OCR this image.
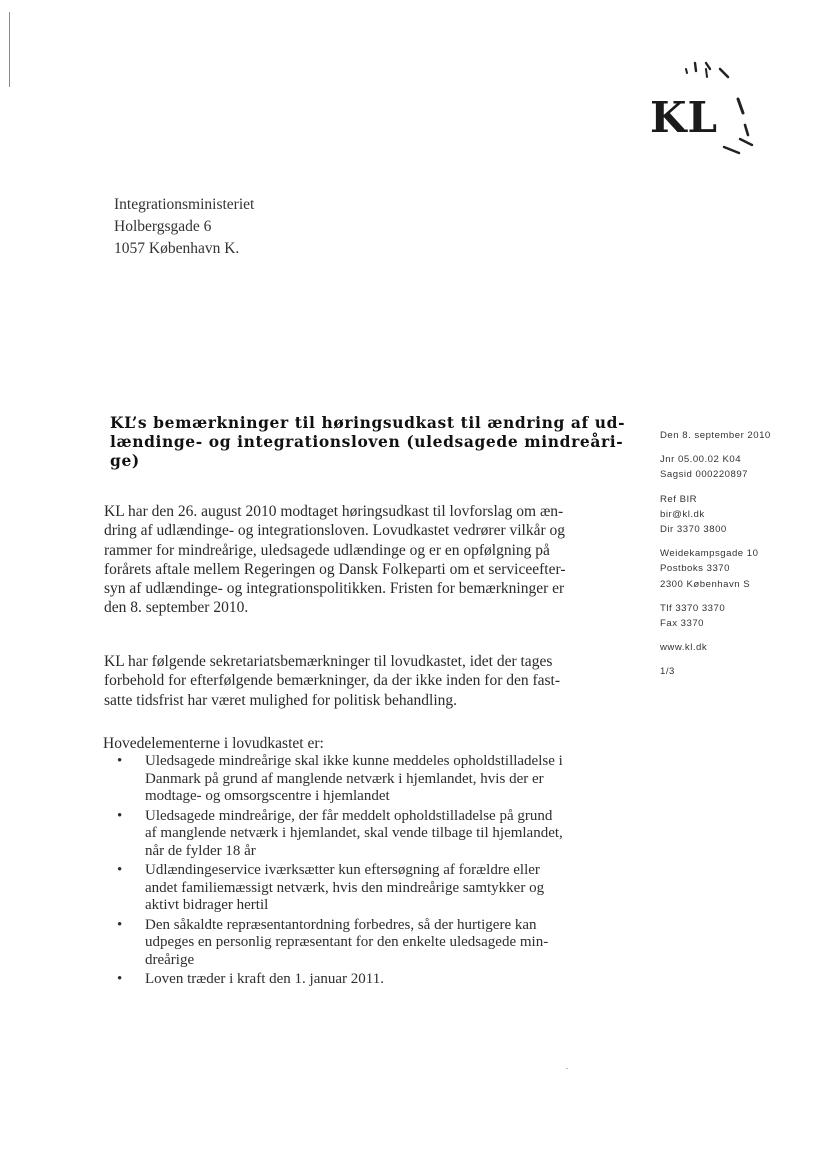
KL
Integrationsministeriet
Holbergsgade 6
1057 København K.
KL’s bemærkninger til høringsudkast til ændring af ud-
lændinge- og integrationsloven (uledsagede mindreåri-
ge)

KL har den 26. august 2010 modtaget høringsudkast til lovforslag om æn-
dring af udlændinge- og integrationsloven. Lovudkastet vedrører vilkår og
rammer for mindreårige, uledsagede udlændinge og er en opfølgning på
forårets aftale mellem Regeringen og Dansk Folkeparti om et serviceefter-
syn af udlændinge- og integrationspolitikken. Fristen for bemærkninger er
den 8. september 2010.

KL har følgende sekretariatsbemærkninger til lovudkastet, idet der tages
forbehold for efterfølgende bemærkninger, da der ikke inden for den fast-
satte tidsfrist har været mulighed for politisk behandling.

Hovedelementerne i lovudkastet er:
• Uledsagede mindreårige skal ikke kunne meddeles opholdstilladelse i
Danmark på grund af manglende netværk i hjemlandet, hvis der er
modtage- og omsorgscentre i hjemlandet
• Uledsagede mindreårige, der får meddelt opholdstilladelse på grund
af manglende netværk i hjemlandet, skal vende tilbage til hjemlandet,
når de fylder 18 år
• Udlændingeservice iværksætter kun eftersøgning af forældre eller
andet familiemæssigt netværk, hvis den mindreårige samtykker og
aktivt bidrager hertil
• Den såkaldte repræsentantordning forbedres, så der hurtigere kan
udpeges en personlig repræsentant for den enkelte uledsagede min-
dreårige
• Loven træder i kraft den 1. januar 2011.
Den 8. september 2010
Jnr 05.00.02 K04
Sagsid 000220897
Ref BIR
bir@kl.dk
Dir 3370 3800
Weidekampsgade 10
Postboks 3370
2300 København S
Tlf 3370 3370
Fax 3370
www.kl.dk
1/3
